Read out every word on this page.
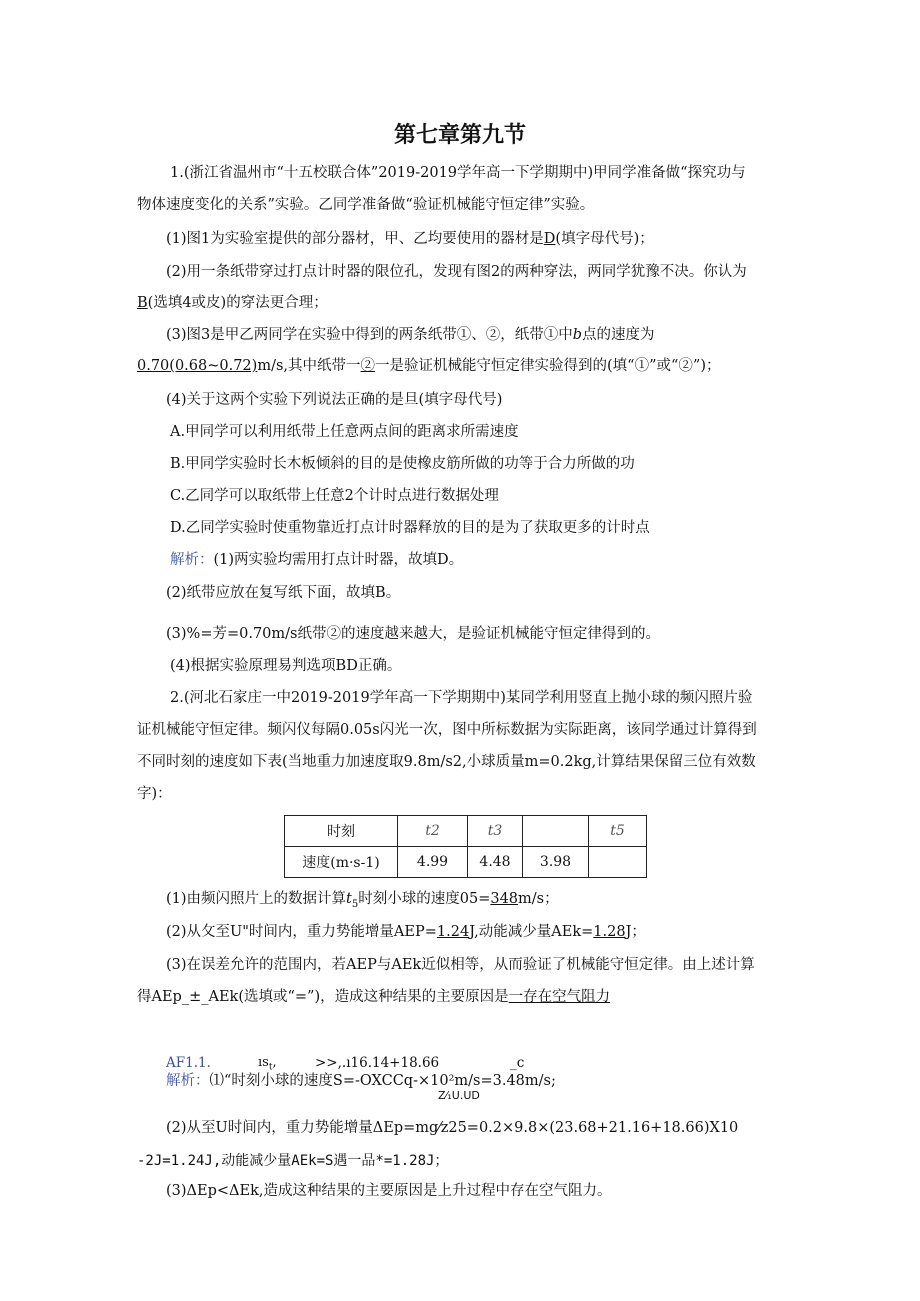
第七章第九节
1.(浙江省温州市“十五校联合体”2019-2019学年高一下学期期中)甲同学准备做“探究功与
物体速度变化的关系”实验。乙同学准备做“验证机械能守恒定律”实验。
(1)图1为实验室提供的部分器材，甲、乙均要使用的器材是D(填字母代号)；
(2)用一条纸带穿过打点计时器的限位孔，发现有图2的两种穿法，两同学犹豫不决。你认为
B(选填4或皮)的穿法更合理；
(3)图3是甲乙两同学在实验中得到的两条纸带①、②，纸带①中b点的速度为
0.70(0.68~0.72)m/s,其中纸带一②一是验证机械能守恒定律实验得到的(填“①”或“②”)；
(4)关于这两个实验下列说法正确的是旦(填字母代号)
A.甲同学可以利用纸带上任意两点间的距离求所需速度
B.甲同学实验时长木板倾斜的目的是使橡皮筋所做的功等于合力所做的功
C.乙同学可以取纸带上任意2个计时点进行数据处理
D.乙同学实验时使重物靠近打点计时器释放的目的是为了获取更多的计时点
解析：(1)两实验均需用打点计时器，故填D。
(2)纸带应放在复写纸下面，故填B。
(3)%=芳=0.70m/s纸带②的速度越来越大，是验证机械能守恒定律得到的。
(4)根据实验原理易判选项BD正确。
2.(河北石家庄一中2019-2019学年高一下学期期中)某同学利用竖直上抛小球的频闪照片验
证机械能守恒定律。频闪仪每隔0.05s闪光一次，图中所标数据为实际距离，该同学通过计算得到
不同时刻的速度如下表(当地重力加速度取9.8m/s2,小球质量m=0.2kg,计算结果保留三位有效数
字)：
时刻	t2	t3		t5
速度(m·s-1)	4.99	4.48	3.98	
(1)由频闪照片上的数据计算$t_5$时刻小球的速度05=348m/s；
(2)从攵至U"时间内，重力势能增量AEP=1.24J,动能减少量AEk=1.28J；
(3)在误差允许的范围内，若AEP与AEk近似相等，从而验证了机械能守恒定律。由上述计算
得AEp_±_AEk(选填或“=”)，造成这种结果的主要原因是一存在空气阻力
AF1.1.	$ıs_t$,	>>,.ı16.14+18.66	_c
解析：⑴“时刻小球的速度S=-OXCCq-×10²m/s=3.48m/s;
Z⁄₁U.UD
(2)从至U时间内，重力势能增量ΔEp=mg⁄z25=0.2×9.8×(23.68+21.16+18.66)X10
-2J=1.24J,动能减少量AEk=S遇一品*=1.28J；
(3)ΔEp<ΔEk,造成这种结果的主要原因是上升过程中存在空气阻力。
